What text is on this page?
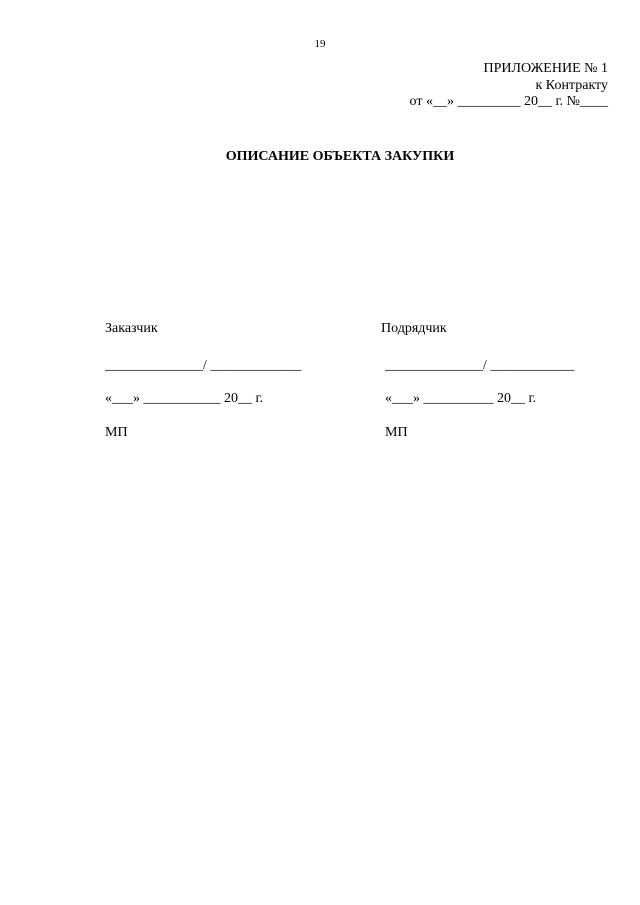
19
ПРИЛОЖЕНИЕ № 1
к Контракту
от «__» _________ 20__ г. №____
ОПИСАНИЕ ОБЪЕКТА ЗАКУПКИ
Заказчик
______________/ _____________
«___» ___________ 20__ г.
МП
Подрядчик
______________/ ____________
«___» __________ 20__ г.
МП
